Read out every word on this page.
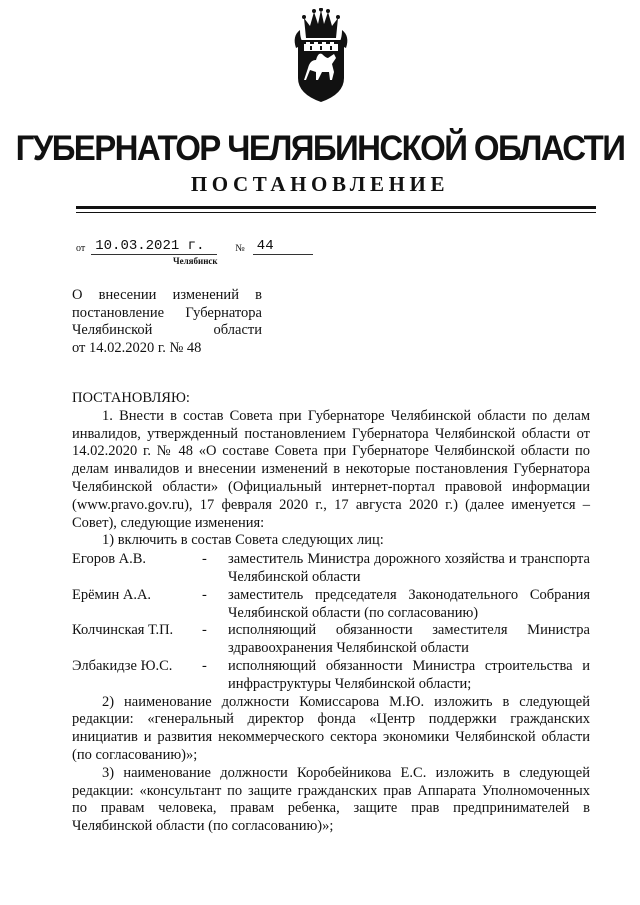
ГУБЕРНАТОР ЧЕЛЯБИНСКОЙ ОБЛАСТИ
ПОСТАНОВЛЕНИЕ
от 10.03.2021 г.	№ 44
Челябинск
О внесении изменений в
постановление Губернатора
Челябинской области
от 14.02.2020 г. № 48
ПОСТАНОВЛЯЮ:
1. Внести в состав Совета при Губернаторе Челябинской области по делам инвалидов, утвержденный постановлением Губернатора Челябинской области от 14.02.2020 г. № 48 «О составе Совета при Губернаторе Челябинской области по делам инвалидов и внесении изменений в некоторые постановления Губернатора Челябинской области» (Официальный интернет-портал правовой информации (www.pravo.gov.ru), 17 февраля 2020 г., 17 августа 2020 г.) (далее именуется – Совет), следующие изменения:
1) включить в состав Совета следующих лиц:
Егоров А.В.	-	заместитель Министра дорожного хозяйства и транспорта Челябинской области
Ерёмин А.А.	-	заместитель председателя Законодательного Собрания Челябинской области (по согласованию)
Колчинская Т.П.	-	исполняющий обязанности заместителя Министра здравоохранения Челябинской области
Элбакидзе Ю.С.	-	исполняющий обязанности Министра строительства и инфраструктуры Челябинской области;
2) наименование должности Комиссарова М.Ю. изложить в следующей редакции: «генеральный директор фонда «Центр поддержки гражданских инициатив и развития некоммерческого сектора экономики Челябинской области (по согласованию)»;
3) наименование должности Коробейникова Е.С. изложить в следующей редакции: «консультант по защите гражданских прав Аппарата Уполномоченных по правам человека, правам ребенка, защите прав предпринимателей в Челябинской области (по согласованию)»;
